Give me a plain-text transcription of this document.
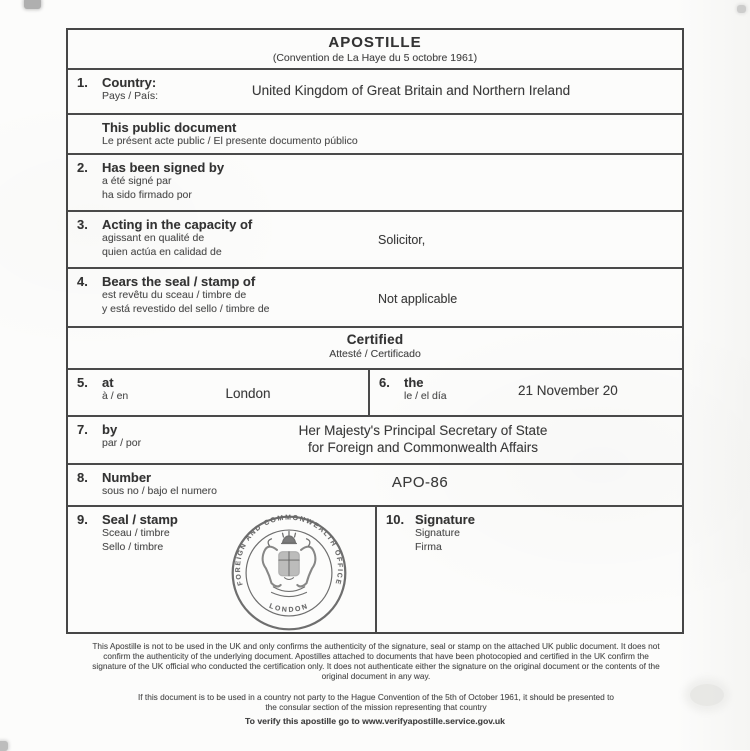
APOSTILLE
(Convention de La Haye du 5 octobre 1961)
1.	Country:
Pays / País:	United Kingdom of Great Britain and Northern Ireland
This public document
Le présent acte public / El presente documento público
2.	Has been signed by
a été signé par
ha sido firmado por
3.	Acting in the capacity of
agissant en qualité de
quien actúa en calidad de
Solicitor,
4.	Bears the seal / stamp of
est revêtu du sceau / timbre de
y está revestido del sello / timbre de
Not applicable
Certified
Attesté / Certificado
5.	at
à / en	London
6.	the
le / el día	21 November 20
7.	by
par / por
Her Majesty's Principal Secretary of State
for Foreign and Commonwealth Affairs
8.	Number
sous no / bajo el numero	APO-86
9.	Seal / stamp
Sceau / timbre
Sello / timbre
FOREIGN AND COMMONWEALTH OFFICE
LONDON
10. Signature
Signature
Firma
This Apostille is not to be used in the UK and only confirms the authenticity of the signature, seal or stamp on the attached UK public document. It does not confirm the authenticity of the underlying document. Apostilles attached to documents that have been photocopied and certified in the UK confirm the signature of the UK official who conducted the certification only. It does not authenticate either the signature on the original document or the contents of the original document in any way.
If this document is to be used in a country not party to the Hague Convention of the 5th of October 1961, it should be presented to the consular section of the mission representing that country
To verify this apostille go to www.verifyapostille.service.gov.uk
